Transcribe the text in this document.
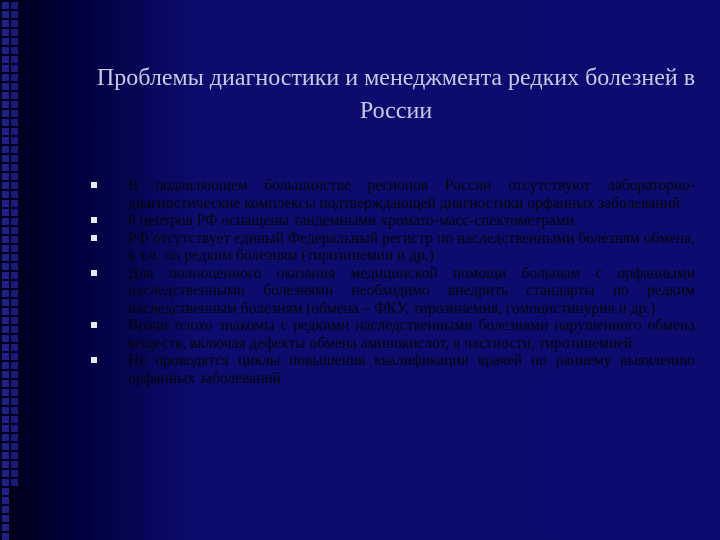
Проблемы диагностики и менеджмента редких болезней в России
В подавляющем большинстве регионов России отсутствуют лабораторно-диагностические комплексы подтверждающей диагностики орфанных заболеваний
8 центров РФ оснащены тандемными хромато-масс-спектометрами
РФ отсутствует единый Федеральный регистр по наследственными болезням обмена, в т.ч. по редким болезням (тирозинемии и др.)
Для полноценного оказания медицинской помощи больным с орфанными наследственными болезнями необходимо внедрить стандарты по редким наследственным болезням (обмена – ФКУ, тирозинемия, гомоцистинурия и др.)
Врачи плохо знакомы с редкими наследственными болезнями нарушенного обмена веществ, включая дефекты обмена аминокислот, в частности, тирозинемией
Не проводятся циклы повышения квалификации врачей по раннему выявлению орфанных заболеваний
